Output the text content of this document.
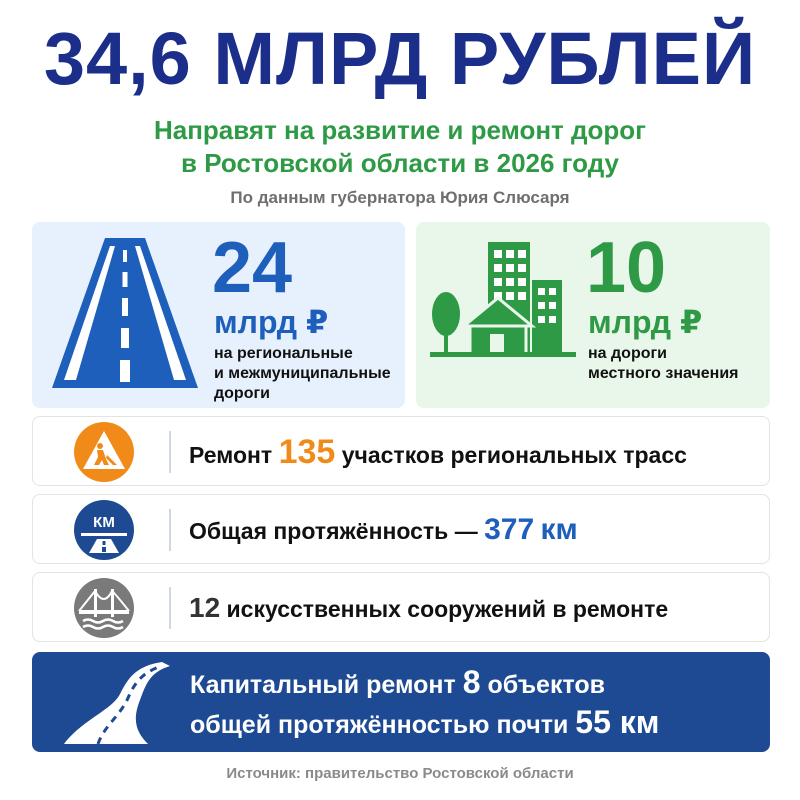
34,6 МЛРД РУБЛЕЙ
Направят на развитие и ремонт дорог
в Ростовской области в 2026 году
По данным губернатора Юрия Слюсаря
24
млрд ₽
на региональные
и межмуниципальные
дороги
10
млрд ₽
на дороги
местного значения
Ремонт 135 участков региональных трасс
КМ	Общая протяжённость — 377 км
12 искусственных сооружений в ремонте
Капитальный ремонт 8 объектов
общей протяжённостью почти 55 км
Источник: правительство Ростовской области
